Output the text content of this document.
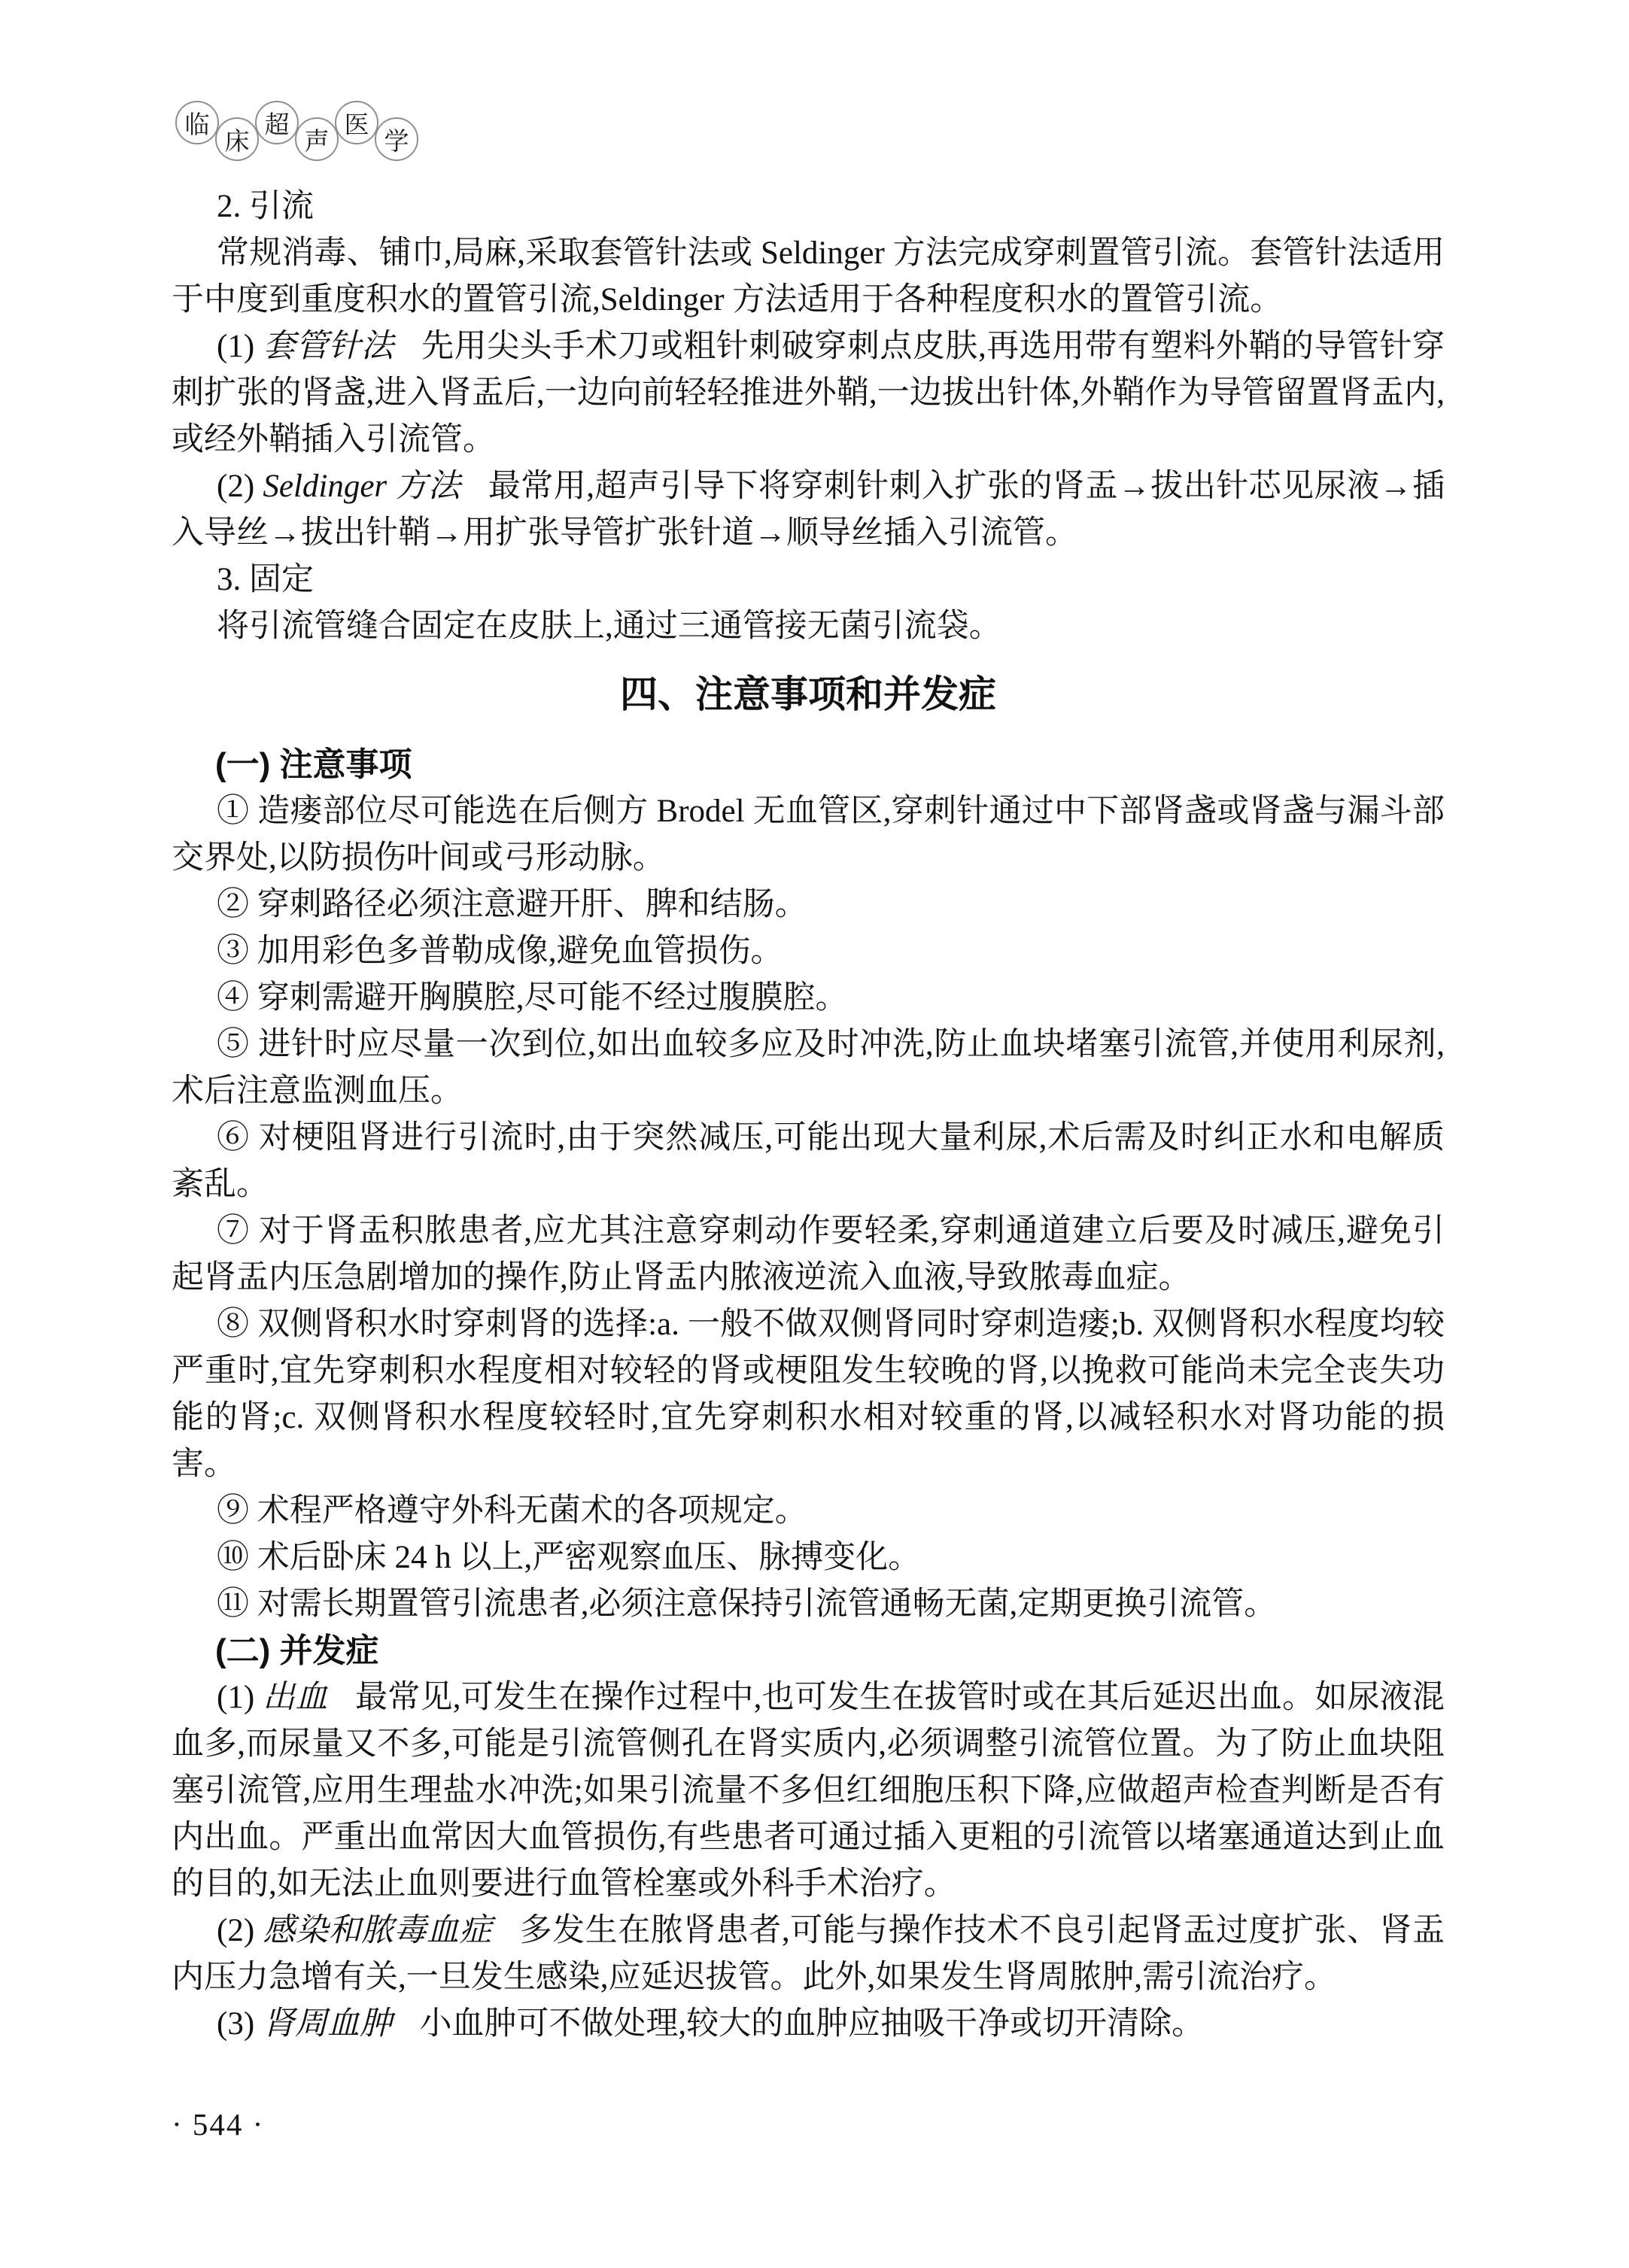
临
床
超
声
医
学

2. 引流

常规消毒、铺巾,局麻,采取套管针法或 Seldinger 方法完成穿刺置管引流。套管针法适用于中度到重度积水的置管引流,Seldinger 方法适用于各种程度积水的置管引流。

(1) 套管针法 先用尖头手术刀或粗针刺破穿刺点皮肤,再选用带有塑料外鞘的导管针穿刺扩张的肾盏,进入肾盂后,一边向前轻轻推进外鞘,一边拔出针体,外鞘作为导管留置肾盂内,或经外鞘插入引流管。

(2) Seldinger 方法 最常用,超声引导下将穿刺针刺入扩张的肾盂→拔出针芯见尿液→插入导丝→拔出针鞘→用扩张导管扩张针道→顺导丝插入引流管。

3. 固定

将引流管缝合固定在皮肤上,通过三通管接无菌引流袋。

四、注意事项和并发症

(一) 注意事项

① 造瘘部位尽可能选在后侧方 Brodel 无血管区,穿刺针通过中下部肾盏或肾盏与漏斗部交界处,以防损伤叶间或弓形动脉。

② 穿刺路径必须注意避开肝、脾和结肠。

③ 加用彩色多普勒成像,避免血管损伤。

④ 穿刺需避开胸膜腔,尽可能不经过腹膜腔。

⑤ 进针时应尽量一次到位,如出血较多应及时冲洗,防止血块堵塞引流管,并使用利尿剂,术后注意监测血压。

⑥ 对梗阻肾进行引流时,由于突然减压,可能出现大量利尿,术后需及时纠正水和电解质紊乱。

⑦ 对于肾盂积脓患者,应尤其注意穿刺动作要轻柔,穿刺通道建立后要及时减压,避免引起肾盂内压急剧增加的操作,防止肾盂内脓液逆流入血液,导致脓毒血症。

⑧ 双侧肾积水时穿刺肾的选择:a. 一般不做双侧肾同时穿刺造瘘;b. 双侧肾积水程度均较严重时,宜先穿刺积水程度相对较轻的肾或梗阻发生较晚的肾,以挽救可能尚未完全丧失功能的肾;c. 双侧肾积水程度较轻时,宜先穿刺积水相对较重的肾,以减轻积水对肾功能的损害。

⑨ 术程严格遵守外科无菌术的各项规定。

⑩ 术后卧床 24 h 以上,严密观察血压、脉搏变化。

⑪ 对需长期置管引流患者,必须注意保持引流管通畅无菌,定期更换引流管。

(二) 并发症

(1) 出血 最常见,可发生在操作过程中,也可发生在拔管时或在其后延迟出血。如尿液混血多,而尿量又不多,可能是引流管侧孔在肾实质内,必须调整引流管位置。为了防止血块阻塞引流管,应用生理盐水冲洗;如果引流量不多但红细胞压积下降,应做超声检查判断是否有内出血。严重出血常因大血管损伤,有些患者可通过插入更粗的引流管以堵塞通道达到止血的目的,如无法止血则要进行血管栓塞或外科手术治疗。

(2) 感染和脓毒血症 多发生在脓肾患者,可能与操作技术不良引起肾盂过度扩张、肾盂内压力急增有关,一旦发生感染,应延迟拔管。此外,如果发生肾周脓肿,需引流治疗。

(3) 肾周血肿 小血肿可不做处理,较大的血肿应抽吸干净或切开清除。

· 544 ·
